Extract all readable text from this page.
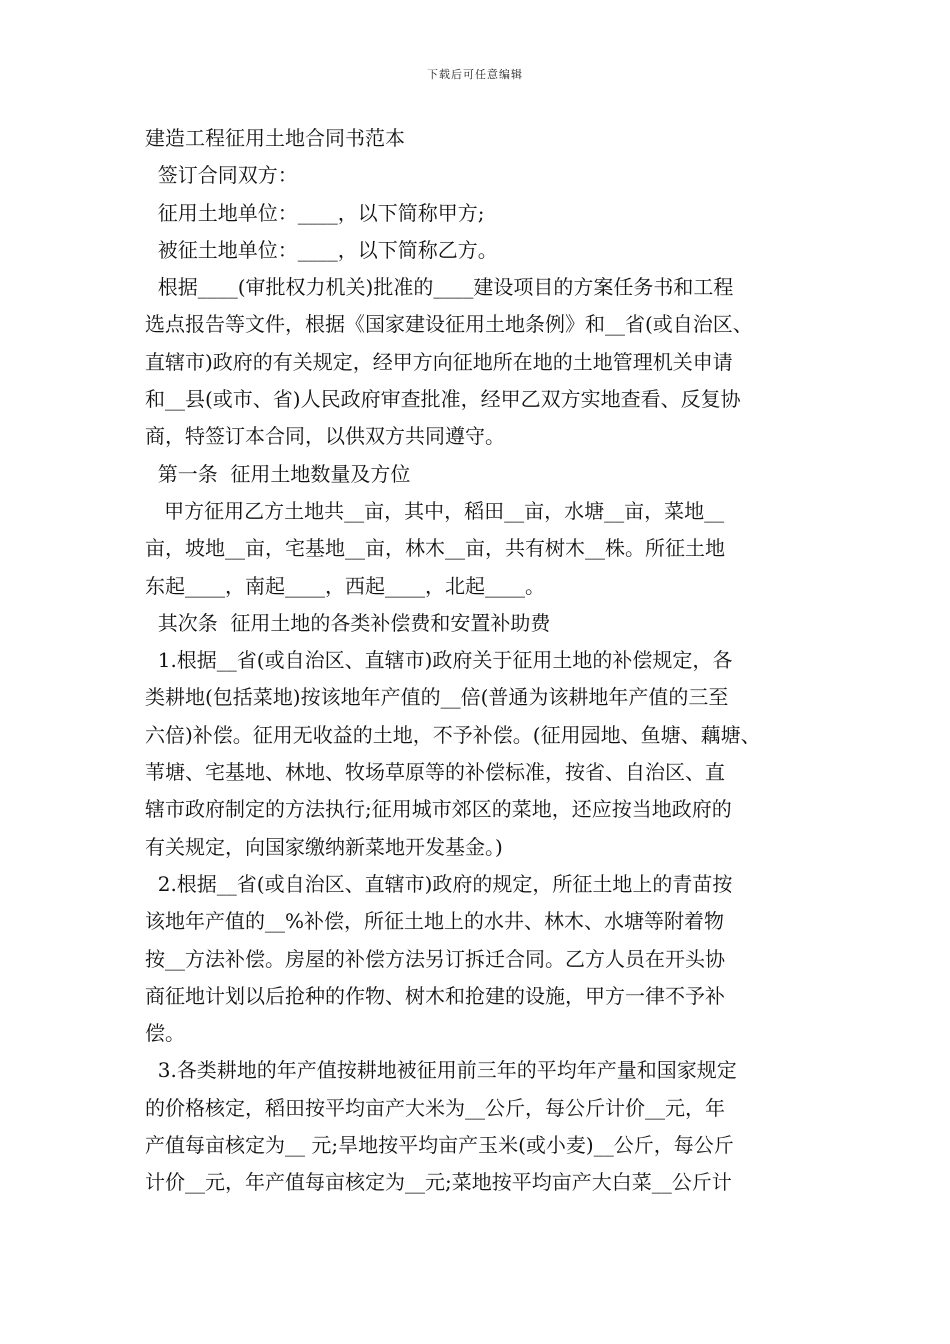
下载后可任意编辑
建造工程征用土地合同书范本
签订合同双方：
征用土地单位：____，以下简称甲方;
被征土地单位：____，以下简称乙方。
根据____(审批权力机关)批准的____建设项目的方案任务书和工程
选点报告等文件，根据《国家建设征用土地条例》和__省(或自治区、
直辖市)政府的有关规定，经甲方向征地所在地的土地管理机关申请
和__县(或市、省)人民政府审查批准，经甲乙双方实地查看、反复协
商，特签订本合同，以供双方共同遵守。
第一条  征用土地数量及方位
甲方征用乙方土地共__亩，其中，稻田__亩，水塘__亩，菜地__
亩，坡地__亩，宅基地__亩，林木__亩，共有树木__株。所征土地
东起____，南起____，西起____，北起____。
其次条  征用土地的各类补偿费和安置补助费
1.根据__省(或自治区、直辖市)政府关于征用土地的补偿规定，各
类耕地(包括菜地)按该地年产值的__倍(普通为该耕地年产值的三至
六倍)补偿。征用无收益的土地，不予补偿。(征用园地、鱼塘、藕塘、
苇塘、宅基地、林地、牧场草原等的补偿标准，按省、自治区、直
辖市政府制定的方法执行;征用城市郊区的菜地，还应按当地政府的
有关规定，向国家缴纳新菜地开发基金。)
2.根据__省(或自治区、直辖市)政府的规定，所征土地上的青苗按
该地年产值的__%补偿，所征土地上的水井、林木、水塘等附着物
按__方法补偿。房屋的补偿方法另订拆迁合同。乙方人员在开头协
商征地计划以后抢种的作物、树木和抢建的设施，甲方一律不予补
偿。
3.各类耕地的年产值按耕地被征用前三年的平均年产量和国家规定
的价格核定，稻田按平均亩产大米为__公斤，每公斤计价__元，年
产值每亩核定为__ 元;旱地按平均亩产玉米(或小麦)__公斤，每公斤
计价__元，年产值每亩核定为__元;菜地按平均亩产大白菜__公斤计
